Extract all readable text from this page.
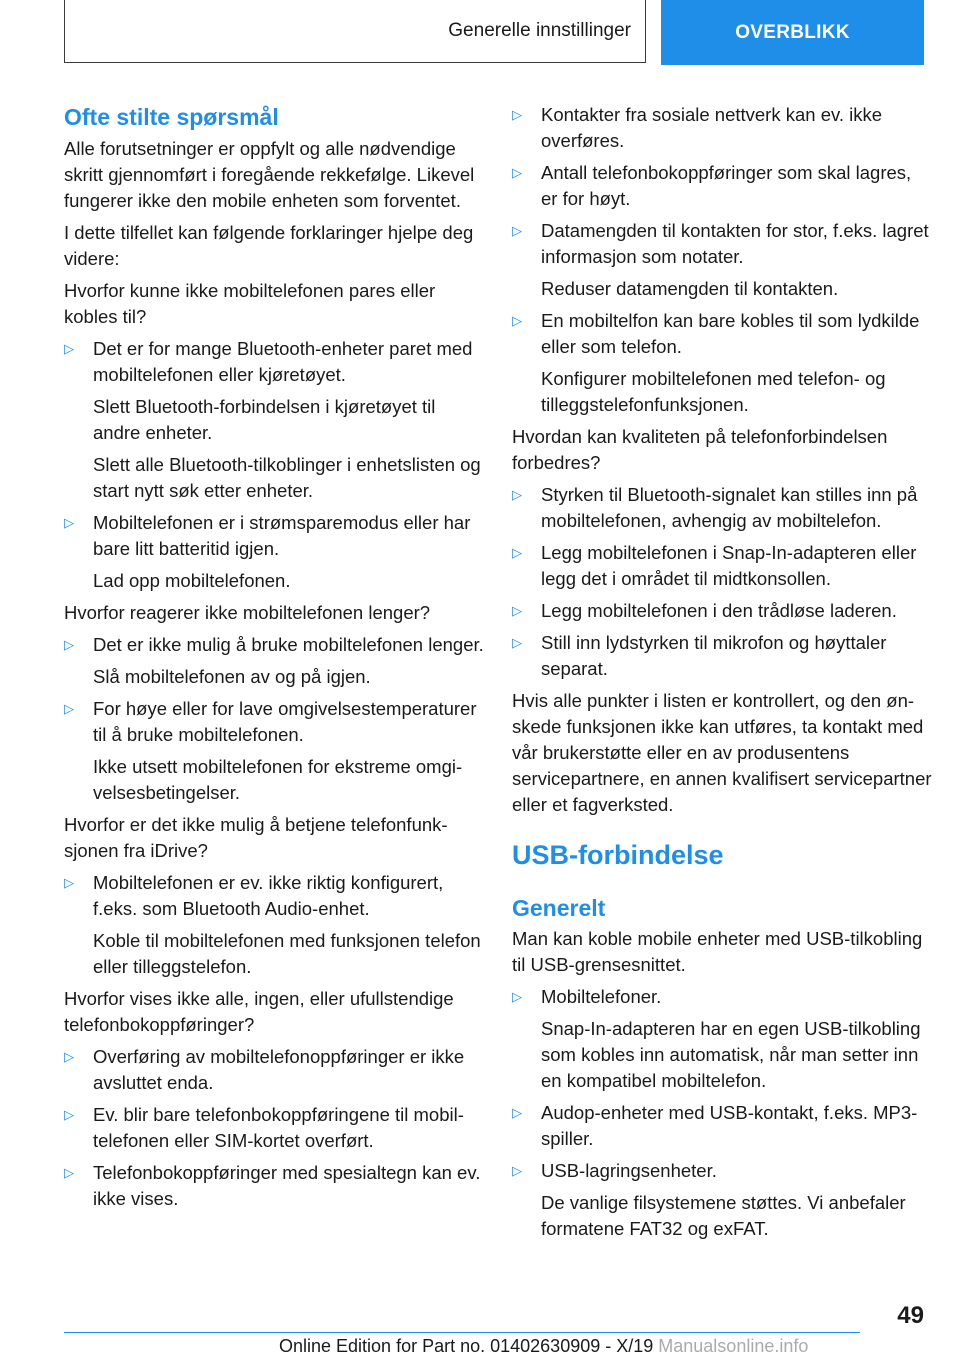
Generelle innstillinger	OVERBLIKK
Ofte stilte spørsmål

Alle forutsetninger er oppfylt og alle nødvendige skritt gjennomført i foregående rekkefølge. Likevel fungerer ikke den mobile enheten som forventet.

I dette tilfellet kan følgende forklaringer hjelpe deg videre:

Hvorfor kunne ikke mobiltelefonen pares eller kobles til?

▷ Det er for mange Bluetooth-enheter paret med mobiltelefonen eller kjøretøyet.

Slett Bluetooth-forbindelsen i kjøretøyet til andre enheter.

Slett alle Bluetooth-tilkoblinger i enhetslisten og start nytt søk etter enheter.

▷ Mobiltelefonen er i strømsparemodus eller har bare litt batteritid igjen.

Lad opp mobiltelefonen.

Hvorfor reagerer ikke mobiltelefonen lenger?

▷ Det er ikke mulig å bruke mobiltelefonen lenger.

Slå mobiltelefonen av og på igjen.

▷ For høye eller for lave omgivelsestemperaturer til å bruke mobiltelefonen.

Ikke utsett mobiltelefonen for ekstreme omgivelsesbetingelser.

Hvorfor er det ikke mulig å betjene telefonfunksjonen fra iDrive?

▷ Mobiltelefonen er ev. ikke riktig konfigurert, f.eks. som Bluetooth Audio-enhet.

Koble til mobiltelefonen med funksjonen telefon eller tilleggstelefon.

Hvorfor vises ikke alle, ingen, eller ufullstendige telefonbokoppføringer?

▷ Overføring av mobiltelefonoppføringer er ikke avsluttet enda.
▷ Ev. blir bare telefonbokoppføringene til mobiltelefonen eller SIM-kortet overført.
▷ Telefonbokoppføringer med spesialtegn kan ev. ikke vises.
▷ Kontakter fra sosiale nettverk kan ev. ikke overføres.
▷ Antall telefonbokoppføringer som skal lagres, er for høyt.
▷ Datamengden til kontakten for stor, f.eks. lagret informasjon som notater.

Reduser datamengden til kontakten.

▷ En mobiltelfon kan bare kobles til som lydkilde eller som telefon.

Konfigurer mobiltelefonen med telefon- og tilleggstelefonfunksjonen.

Hvordan kan kvaliteten på telefonforbindelsen forbedres?

▷ Styrken til Bluetooth-signalet kan stilles inn på mobiltelefonen, avhengig av mobiltelefon.
▷ Legg mobiltelefonen i Snap-In-adapteren eller legg det i området til midtkonsollen.
▷ Legg mobiltelefonen i den trådløse laderen.
▷ Still inn lydstyrken til mikrofon og høyttaler separat.

Hvis alle punkter i listen er kontrollert, og den ønskede funksjonen ikke kan utføres, ta kontakt med vår brukerstøtte eller en av produsentens servicepartnere, en annen kvalifisert servicepartner eller et fagverksted.

USB-forbindelse
Generelt

Man kan koble mobile enheter med USB-tilkobling til USB-grensesnittet.

▷ Mobiltelefoner.

Snap-In-adapteren har en egen USB-tilkobling som kobles inn automatisk, når man setter inn en kompatibel mobiltelefon.

▷ Audop-enheter med USB-kontakt, f.eks. MP3-spiller.
▷ USB-lagringsenheter.

De vanlige filsystemene støttes. Vi anbefaler formatene FAT32 og exFAT.

49
Online Edition for Part no. 01402630909 - X/19 Manualsonline.info
